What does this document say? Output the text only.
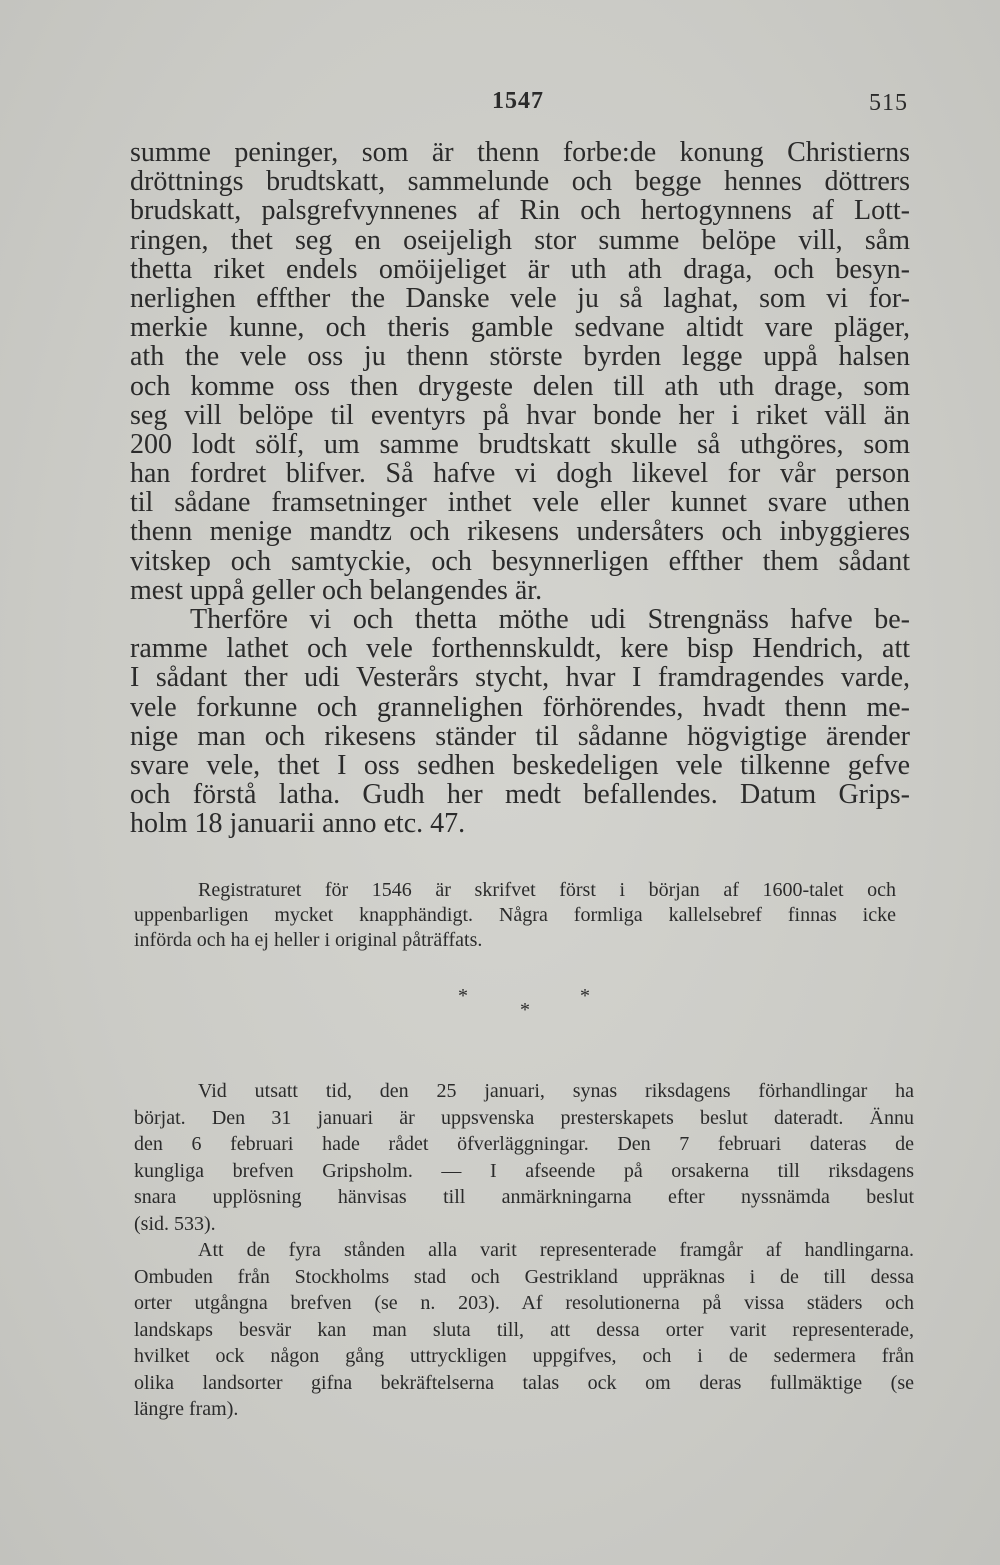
1547	515
summe peninger, som är thenn forbe:de konung Christierns
dröttnings brudtskatt, sammelunde och begge hennes döttrers
brudskatt, palsgrefvynnenes af Rin och hertogynnens af Lott-
ringen, thet seg en oseijeligh stor summe belöpe vill, såm
thetta riket endels omöijeliget är uth ath draga, och besyn-
nerlighen effther the Danske vele ju så laghat, som vi for-
merkie kunne, och theris gamble sedvane altidt vare pläger,
ath the vele oss ju thenn störste byrden legge uppå halsen
och komme oss then drygeste delen till ath uth drage, som
seg vill belöpe til eventyrs på hvar bonde her i riket väll än
200 lodt sölf, um samme brudtskatt skulle så uthgöres, som
han fordret blifver. Så hafve vi dogh likevel for vår person
til sådane framsetninger inthet vele eller kunnet svare uthen
thenn menige mandtz och rikesens undersåters och inbyggieres
vitskep och samtyckie, och besynnerligen effther them sådant
mest uppå geller och belangendes är.
Therföre vi och thetta möthe udi Strengnäss hafve be-
ramme lathet och vele forthennskuldt, kere bisp Hendrich, att
I sådant ther udi Vesterårs stycht, hvar I framdragendes varde,
vele forkunne och grannelighen förhörendes, hvadt thenn me-
nige man och rikesens ständer til sådanne högvigtige ärender
svare vele, thet I oss sedhen beskedeligen vele tilkenne gefve
och förstå latha. Gudh her medt befallendes. Datum Grips-
holm 18 januarii anno etc. 47.
Registraturet för 1546 är skrifvet först i början af 1600-talet och
uppenbarligen mycket knapphändigt. Några formliga kallelsebref finnas icke
införda och ha ej heller i original påträffats.
*
*
*
Vid utsatt tid, den 25 januari, synas riksdagens förhandlingar ha
börjat. Den 31 januari är uppsvenska presterskapets beslut dateradt. Ännu
den 6 februari hade rådet öfverläggningar. Den 7 februari dateras de
kungliga brefven Gripsholm. — I afseende på orsakerna till riksdagens
snara upplösning hänvisas till anmärkningarna efter nyssnämda beslut
(sid. 533).
Att de fyra stånden alla varit representerade framgår af handlingarna.
Ombuden från Stockholms stad och Gestrikland uppräknas i de till dessa
orter utgångna brefven (se n. 203). Af resolutionerna på vissa städers och
landskaps besvär kan man sluta till, att dessa orter varit representerade,
hvilket ock någon gång uttryckligen uppgifves, och i de sedermera från
olika landsorter gifna bekräftelserna talas ock om deras fullmäktige (se
längre fram).
